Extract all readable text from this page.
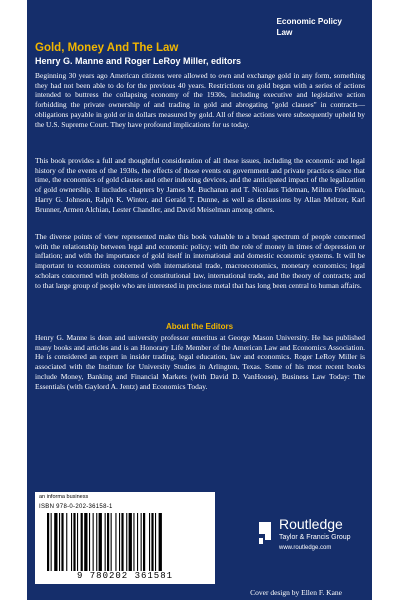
Economic Policy
Law
Gold, Money And The Law
Henry G. Manne and Roger LeRoy Miller, editors

Beginning 30 years ago American citizens were allowed to own and exchange gold in any form, something they had not been able to do for the previous 40 years. Restrictions on gold began with a series of actions intended to buttress the collapsing economy of the 1930s, including executive and legislative action forbidding the private ownership of and trading in gold and abrogating "gold clauses" in contracts—obligations payable in gold or in dollars measured by gold. All of these actions were subsequently upheld by the U.S. Supreme Court. They have profound implications for us today.

This book provides a full and thoughtful consideration of all these issues, including the economic and legal history of the events of the 1930s, the effects of those events on government and private practices since that time, the economics of gold clauses and other indexing devices, and the anticipated impact of the legalization of gold ownership. It includes chapters by James M. Buchanan and T. Nicolaus Tideman, Milton Friedman, Harry G. Johnson, Ralph K. Winter, and Gerald T. Dunne, as well as discussions by Allan Meltzer, Karl Brunner, Armen Alchian, Lester Chandler, and David Meiselman among others.

The diverse points of view represented make this book valuable to a broad spectrum of people concerned with the relationship between legal and economic policy; with the role of money in times of depression or inflation; and with the importance of gold itself in international and domestic economic systems. It will be important to economists concerned with international trade, macroeconomics, monetary economics; legal scholars concerned with problems of constitutional law, international trade, and the theory of contracts; and to that large group of people who are interested in precious metal that has long been central to human affairs.

About the Editors

Henry G. Manne is dean and university professor emeritus at George Mason University. He has published many books and articles and is an Honorary Life Member of the American Law and Economics Association. He is considered an expert in insider trading, legal education, law and economics. Roger LeRoy Miller is associated with the Institute for University Studies in Arlington, Texas. Some of his most recent books include Money, Banking and Financial Markets (with David D. VanHoose), Business Law Today: The Essentials (with Gaylord A. Jentz) and Economics Today.

an informa business
ISBN 978-0-202-36158-1
9 780202 361581
Routledge
Taylor & Francis Group
www.routledge.com
Cover design by Ellen F. Kane
